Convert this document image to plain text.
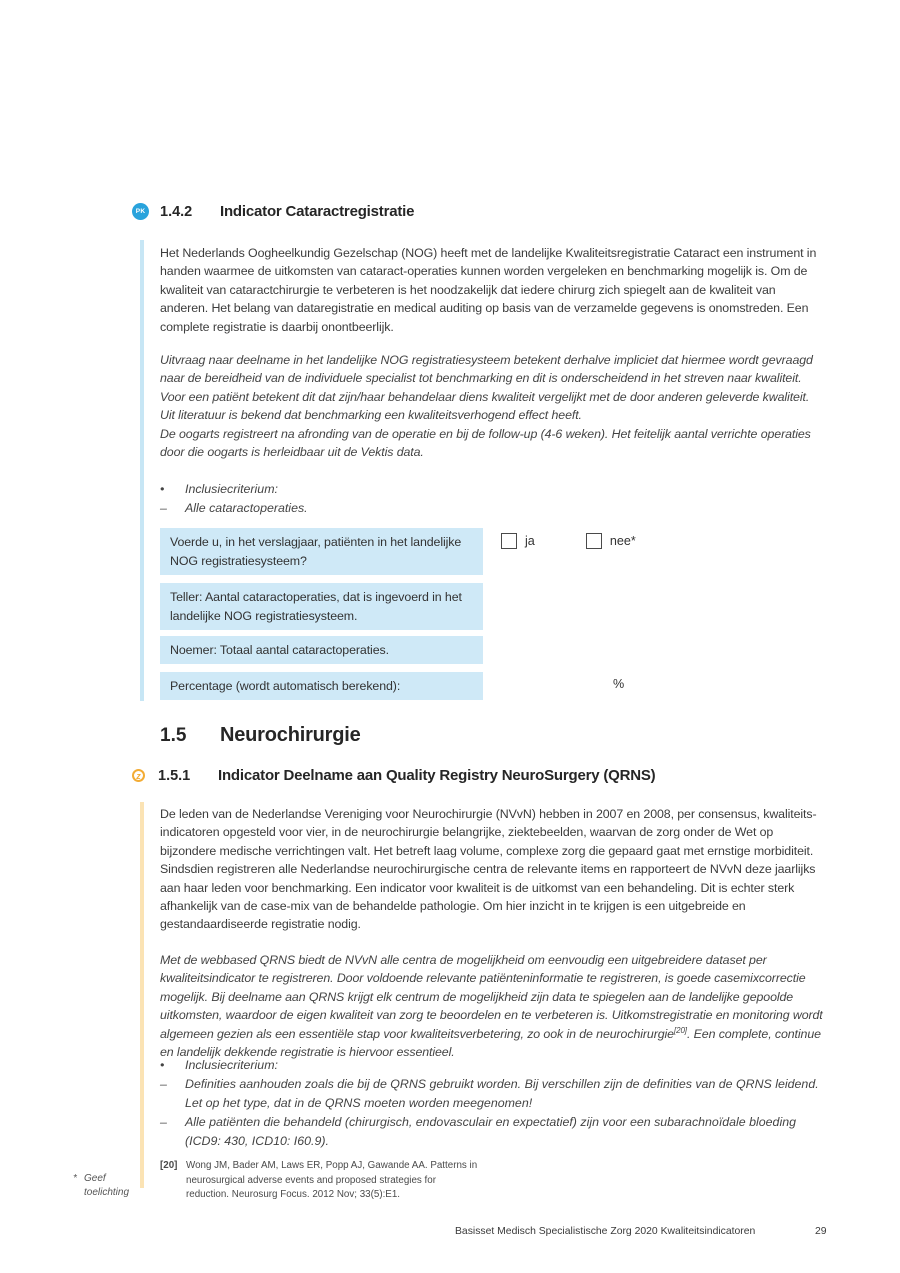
PK 1.4.2	Indicator Cataractregistratie

Het Nederlands Oogheelkundig Gezelschap (NOG) heeft met de landelijke Kwaliteitsregistratie Cataract een instrument in handen waarmee de uitkomsten van cataract-operaties kunnen worden vergeleken en benchmarking mogelijk is. Om de kwaliteit van cataractchirurgie te verbeteren is het noodzakelijk dat iedere chirurg zich spiegelt aan de kwaliteit van anderen. Het belang van dataregistratie en medical auditing op basis van de verzamelde gegevens is onomstreden. Een complete registratie is daarbij onontbeerlijk.

Uitvraag naar deelname in het landelijke NOG registratiesysteem betekent derhalve impliciet dat hiermee wordt gevraagd naar de bereidheid van de individuele specialist tot benchmarking en dit is onderscheidend in het streven naar kwaliteit.

Voor een patiënt betekent dit dat zijn/haar behandelaar diens kwaliteit vergelijkt met de door anderen geleverde kwaliteit. Uit literatuur is bekend dat benchmarking een kwaliteitsverhogend effect heeft.

De oogarts registreert na afronding van de operatie en bij de follow-up (4-6 weken). Het feitelijk aantal verrichte operaties door die oogarts is herleidbaar uit de Vektis data.

•	Inclusiecriterium:
–	Alle cataractoperaties.
Voerde u, in het verslagjaar, patiënten in het landelijke NOG registratiesysteem?
ja	nee*
Teller: Aantal cataractoperaties, dat is ingevoerd in het landelijke NOG registratiesysteem.
Noemer: Totaal aantal cataractoperaties.
Percentage (wordt automatisch berekend):	%
1.5	Neurochirurgie
z 1.5.1	Indicator Deelname aan Quality Registry NeuroSurgery (QRNS)

De leden van de Nederlandse Vereniging voor Neurochirurgie (NVvN) hebben in 2007 en 2008, per consensus, kwaliteitsindicatoren opgesteld voor vier, in de neurochirurgie belangrijke, ziektebeelden, waarvan de zorg onder de Wet op bijzondere medische verrichtingen valt. Het betreft laag volume, complexe zorg die gepaard gaat met ernstige morbiditeit. Sindsdien registreren alle Nederlandse neurochirurgische centra de relevante items en rapporteert de NVvN deze jaarlijks aan haar leden voor benchmarking. Een indicator voor kwaliteit is de uitkomst van een behandeling. Dit is echter sterk afhankelijk van de case-mix van de behandelde pathologie. Om hier inzicht in te krijgen is een uitgebreide en gestandaardiseerde registratie nodig.

Met de webbased QRNS biedt de NVvN alle centra de mogelijkheid om eenvoudig een uitgebreidere dataset per kwaliteitsindicator te registreren. Door voldoende relevante patiënteninformatie te registreren, is goede casemixcorrectie mogelijk. Bij deelname aan QRNS krijgt elk centrum de mogelijkheid zijn data te spiegelen aan de landelijke gepoolde uitkomsten, waardoor de eigen kwaliteit van zorg te beoordelen en te verbeteren is. Uitkomstregistratie en monitoring wordt algemeen gezien als een essentiële stap voor kwaliteitsverbetering, zo ook in de neurochirurgie[20]. Een complete, continue en landelijk dekkende registratie is hiervoor essentieel.

•	Inclusiecriterium:
–	Definities aanhouden zoals die bij de QRNS gebruikt worden. Bij verschillen zijn de definities van de QRNS leidend. Let op het type, dat in de QRNS moeten worden meegenomen!
–	Alle patiënten die behandeld (chirurgisch, endovasculair en expectatief) zijn voor een subarachnoïdale bloeding (ICD9: 430, ICD10: I60.9).
[20] Wong JM, Bader AM, Laws ER, Popp AJ, Gawande AA. Patterns in neurosurgical adverse events and proposed strategies for reduction. Neurosurg Focus. 2012 Nov; 33(5):E1.
* Geef toelichting
Basisset Medisch Specialistische Zorg 2020 Kwaliteitsindicatoren	29
